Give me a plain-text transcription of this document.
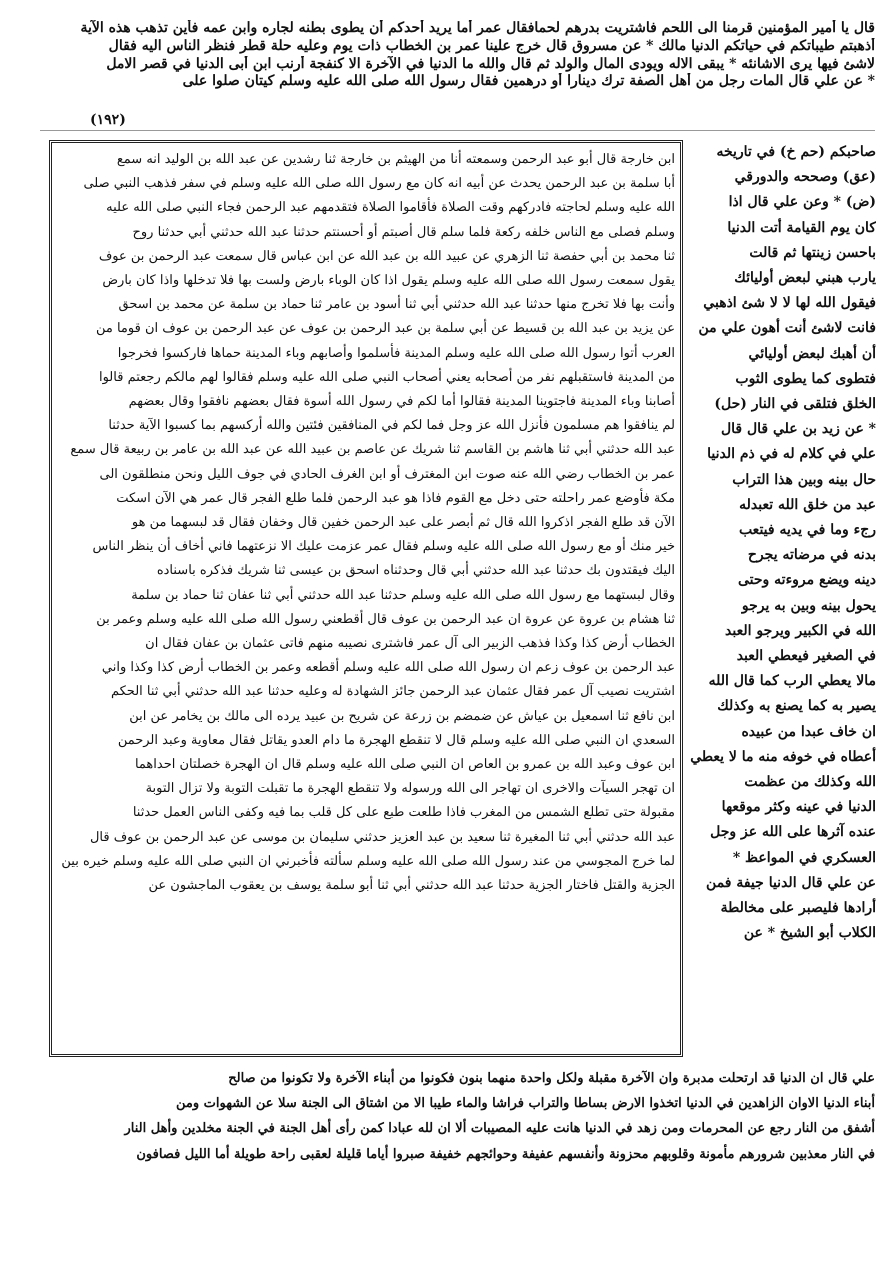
قال يا أمير المؤمنين قرمنا الى اللحم فاشتريت بدرهم لحمافقال عمر أما يريد أحدكم أن يطوى بطنه لجاره وابن عمه فأين تذهب هذه الآية
أذهبتم طيباتكم في حياتكم الدنيا مالك * عن مسروق قال خرج علينا عمر بن الخطاب ذات يوم وعليه حلة قطر فنظر الناس اليه فقال
لاشئ فيها يرى الاشانئه * يبقى الاله ويودى المال والولد ثم قال والله ما الدنيا في الآخرة الا كنفجة أرنب ابن أبى الدنيا في قصر الامل
* عن علي قال المات رجل من أهل الصفة ترك دينارا أو درهمين فقال رسول الله صلى الله عليه وسلم كيتان صلوا على
(١٩٢)
ابن خارجة قال أبو عبد الرحمن وسمعته أنا من الهيثم بن خارجة ثنا رشدين عن عبد الله بن الوليد انه سمع
أبا سلمة بن عبد الرحمن يحدث عن أبيه انه كان مع رسول الله صلى الله عليه وسلم في سفر فذهب النبي صلى
الله عليه وسلم لحاجته فادركهم وقت الصلاة فأقاموا الصلاة فتقدمهم عبد الرحمن فجاء النبي صلى الله عليه
وسلم فصلى مع الناس خلفه ركعة فلما سلم قال أصبتم أو أحسنتم حدثنا عبد الله حدثني أبي حدثنا روح
ثنا محمد بن أبي حفصة ثنا الزهري عن عبيد الله بن عبد الله عن ابن عباس قال سمعت عبد الرحمن بن عوف
يقول سمعت رسول الله صلى الله عليه وسلم يقول اذا كان الوباء بارض ولست بها فلا تدخلها واذا كان بارض
وأنت بها فلا تخرج منها حدثنا عبد الله حدثني أبي ثنا أسود بن عامر ثنا حماد بن سلمة عن محمد بن اسحق
عن يزيد بن عبد الله بن قسيط عن أبي سلمة بن عبد الرحمن بن عوف عن عبد الرحمن بن عوف ان قوما من
العرب أتوا رسول الله صلى الله عليه وسلم المدينة فأسلموا وأصابهم وباء المدينة حماها فاركسوا فخرجوا
من المدينة فاستقبلهم نفر من أصحابه يعني أصحاب النبي صلى الله عليه وسلم فقالوا لهم مالكم رجعتم قالوا
أصابنا وباء المدينة فاجتوينا المدينة فقالوا أما لكم في رسول الله أسوة فقال بعضهم نافقوا وقال بعضهم
لم ينافقوا هم مسلمون فأنزل الله عز وجل فما لكم في المنافقين فئتين والله أركسهم بما كسبوا الآية حدثنا
عبد الله حدثني أبي ثنا هاشم بن القاسم ثنا شريك عن عاصم بن عبيد الله عن عبد الله بن عامر بن ربيعة قال سمع
عمر بن الخطاب رضي الله عنه صوت ابن المغترف أو ابن الغرف الحادي في جوف الليل ونحن منطلقون الى
مكة فأوضع عمر راحلته حتى دخل مع القوم فاذا هو عبد الرحمن فلما طلع الفجر قال عمر هي الآن اسكت
الآن قد طلع الفجر اذكروا الله قال ثم أبصر على عبد الرحمن خفين قال وخفان فقال قد لبسهما من هو
خير منك أو مع رسول الله صلى الله عليه وسلم فقال عمر عزمت عليك الا نزعتهما فاني أخاف أن ينظر الناس
اليك فيقتدون بك حدثنا عبد الله حدثني أبي قال وحدثناه اسحق بن عيسى ثنا شريك فذكره باسناده
وقال لبستهما مع رسول الله صلى الله عليه وسلم حدثنا عبد الله حدثني أبي ثنا عفان ثنا حماد بن سلمة
ثنا هشام بن عروة عن عروة ان عبد الرحمن بن عوف قال أقطعني رسول الله صلى الله عليه وسلم وعمر بن
الخطاب أرض كذا وكذا فذهب الزبير الى آل عمر فاشترى نصيبه منهم فاتى عثمان بن عفان فقال ان
عبد الرحمن بن عوف زعم ان رسول الله صلى الله عليه وسلم أقطعه وعمر بن الخطاب أرض كذا وكذا واني
اشتريت نصيب آل عمر فقال عثمان عبد الرحمن جائز الشهادة له وعليه حدثنا عبد الله حدثني أبي ثنا الحكم
ابن نافع ثنا اسمعيل بن عياش عن ضمضم بن زرعة عن شريح بن عبيد يرده الى مالك بن يخامر عن ابن
السعدي ان النبي صلى الله عليه وسلم قال لا تنقطع الهجرة ما دام العدو يقاتل فقال معاوية وعبد الرحمن
ابن عوف وعبد الله بن عمرو بن العاص ان النبي صلى الله عليه وسلم قال ان الهجرة خصلتان احداهما
ان تهجر السيآت والاخرى ان تهاجر الى الله ورسوله ولا تنقطع الهجرة ما تقبلت التوبة ولا تزال التوبة
مقبولة حتى تطلع الشمس من المغرب فاذا طلعت طبع على كل قلب بما فيه وكفى الناس العمل حدثنا
عبد الله حدثني أبي ثنا المغيرة ثنا سعيد بن عبد العزيز حدثني سليمان بن موسى عن عبد الرحمن بن عوف قال
لما خرج المجوسي من عند رسول الله صلى الله عليه وسلم سألته فأخبرني ان النبي صلى الله عليه وسلم خيره بين
الجزية والقتل فاختار الجزية حدثنا عبد الله حدثني أبي ثنا أبو سلمة يوسف بن يعقوب الماجشون عن
صاحبكم (حم خ) في تاريخه
(عق) وصححه والدورقي
(ض) * وعن علي قال اذا
كان يوم القيامة أتت الدنيا
باحسن زينتها ثم قالت
يارب هبني لبعض أوليائك
فيقول الله لها لا لا شئ اذهبي
فانت لاشئ أنت أهون علي من
أن أهبك لبعض أوليائي
فتطوى كما يطوى الثوب
الخلق فتلقى في النار (حل)
* عن زيد بن علي قال قال
علي في كلام له في ذم الدنيا
حال بينه وبين هذا التراب
عبد من خلق الله تعبدله
رجء وما في يديه فيتعب
بدنه في مرضاته يجرح
دينه ويضع مروءته وحتى
يحول بينه وبين به يرجو
الله في الكبير ويرجو العبد
في الصغير فيعطي العبد
مالا يعطي الرب كما قال الله
يصير به كما يصنع به وكذلك
ان خاف عبدا من عبيده
أعطاه في خوفه منه ما لا يعطي
الله وكذلك من عظمت
الدنيا في عينه وكثر موقعها
عنده آثرها على الله عز وجل
العسكري في المواعظ *
عن علي قال الدنيا جيفة فمن
أرادها فليصبر على مخالطة
الكلاب أبو الشيخ * عن
علي قال ان الدنيا قد ارتحلت مدبرة وان الآخرة مقبلة ولكل واحدة منهما بنون فكونوا من أبناء الآخرة ولا تكونوا من صالح
أبناء الدنيا الاوان الزاهدين في الدنيا اتخذوا الارض بساطا والتراب فراشا والماء طيبا الا من اشتاق الى الجنة سلا عن الشهوات ومن
أشفق من النار رجع عن المحرمات ومن زهد في الدنيا هانت عليه المصيبات ألا ان لله عبادا كمن رأى أهل الجنة في الجنة مخلدين وأهل النار
في النار معذبين شرورهم مأمونة وقلوبهم محزونة وأنفسهم عفيفة وحوائجهم خفيفة صبروا أياما قليلة لعقبى راحة طويلة أما الليل فصافون
